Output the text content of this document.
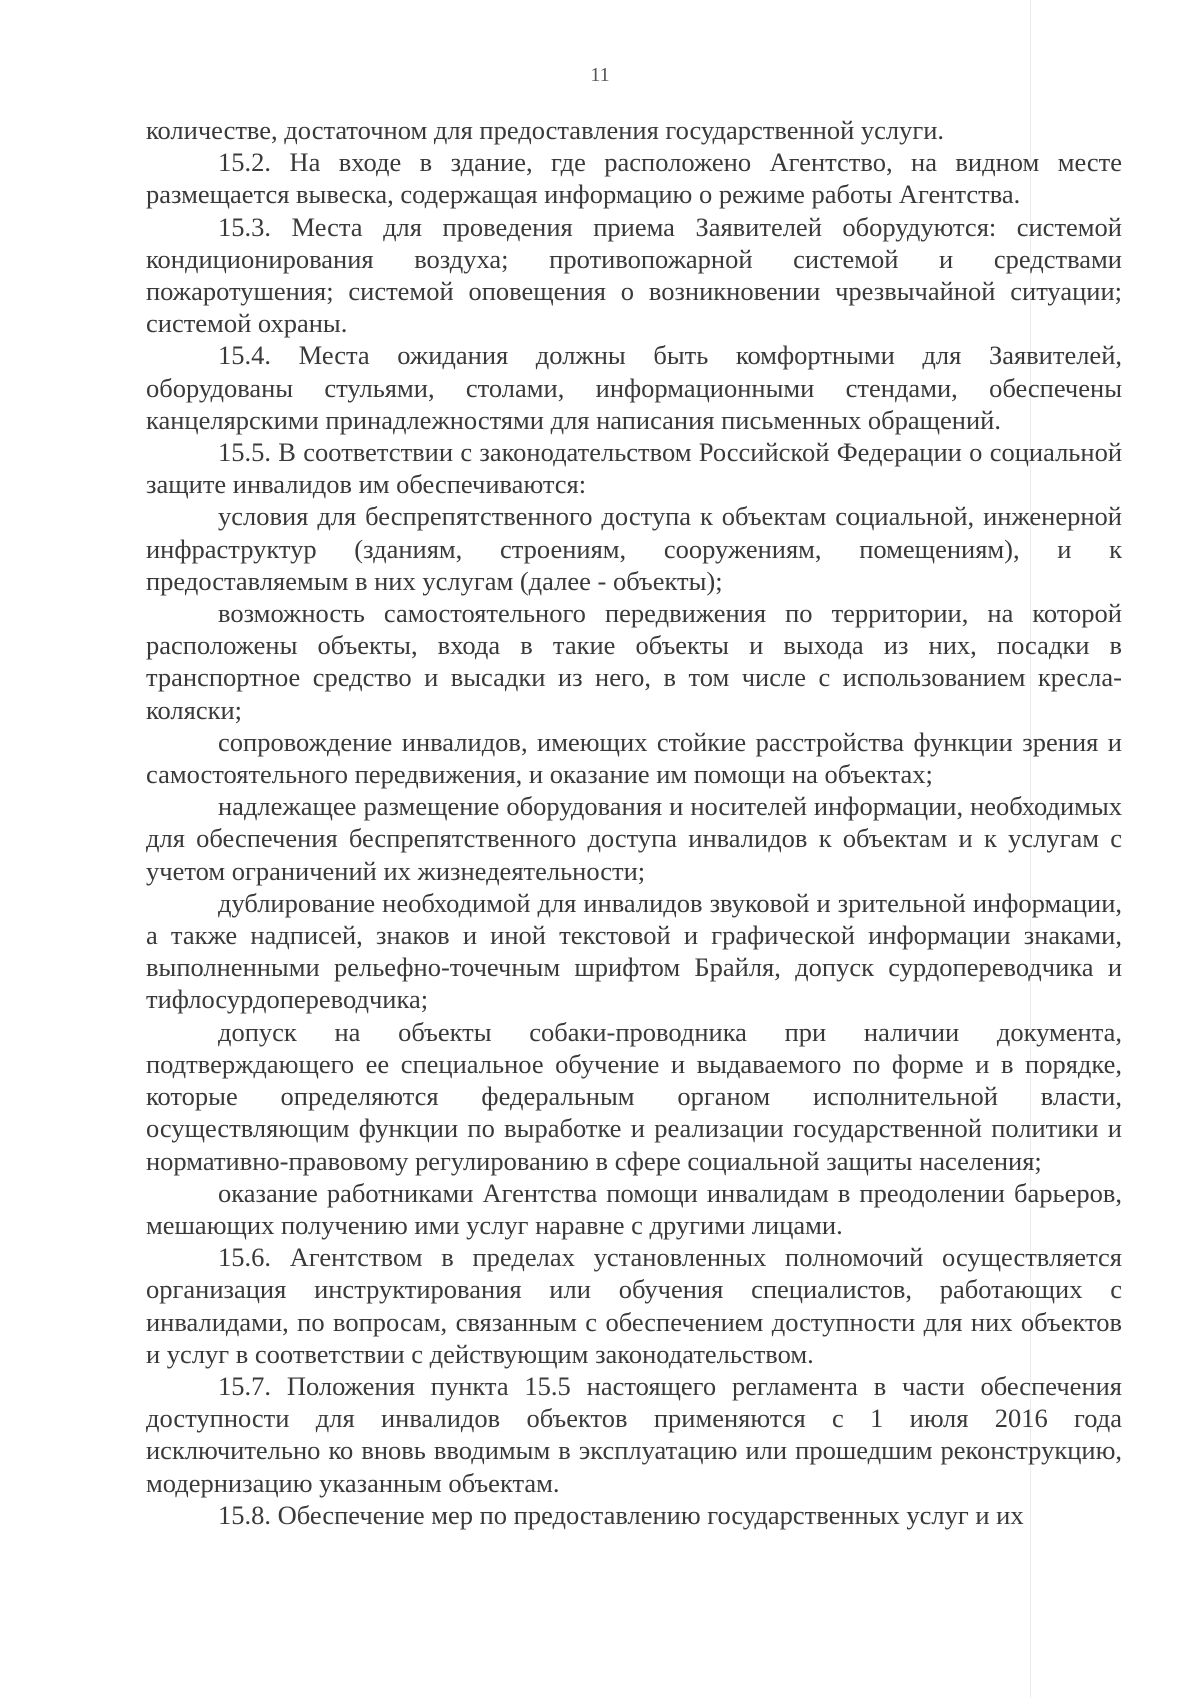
11

количестве, достаточном для предоставления государственной услуги.

15.2. На входе в здание, где расположено Агентство, на видном месте размещается вывеска, содержащая информацию о режиме работы Агентства.

15.3. Места для проведения приема Заявителей оборудуются: системой кондиционирования воздуха; противопожарной системой и средствами пожаротушения; системой оповещения о возникновении чрезвычайной ситуации; системой охраны.

15.4. Места ожидания должны быть комфортными для Заявителей, оборудованы стульями, столами, информационными стендами, обеспечены канцелярскими принадлежностями для написания письменных обращений.

15.5. В соответствии с законодательством Российской Федерации о социальной защите инвалидов им обеспечиваются:

условия для беспрепятственного доступа к объектам социальной, инженерной инфраструктур (зданиям, строениям, сооружениям, помещениям), и к предоставляемым в них услугам (далее - объекты);

возможность самостоятельного передвижения по территории, на которой расположены объекты, входа в такие объекты и выхода из них, посадки в транспортное средство и высадки из него, в том числе с использованием кресла-коляски;

сопровождение инвалидов, имеющих стойкие расстройства функции зрения и самостоятельного передвижения, и оказание им помощи на объектах;

надлежащее размещение оборудования и носителей информации, необходимых для обеспечения беспрепятственного доступа инвалидов к объектам и к услугам с учетом ограничений их жизнедеятельности;

дублирование необходимой для инвалидов звуковой и зрительной информации, а также надписей, знаков и иной текстовой и графической информации знаками, выполненными рельефно-точечным шрифтом Брайля, допуск сурдопереводчика и тифлосурдопереводчика;

допуск на объекты собаки-проводника при наличии документа, подтверждающего ее специальное обучение и выдаваемого по форме и в порядке, которые определяются федеральным органом исполнительной власти, осуществляющим функции по выработке и реализации государственной политики и нормативно-правовому регулированию в сфере социальной защиты населения;

оказание работниками Агентства помощи инвалидам в преодолении барьеров, мешающих получению ими услуг наравне с другими лицами.

15.6. Агентством в пределах установленных полномочий осуществляется организация инструктирования или обучения специалистов, работающих с инвалидами, по вопросам, связанным с обеспечением доступности для них объектов и услуг в соответствии с действующим законодательством.

15.7. Положения пункта 15.5 настоящего регламента в части обеспечения доступности для инвалидов объектов применяются с 1 июля 2016 года исключительно ко вновь вводимым в эксплуатацию или прошедшим реконструкцию, модернизацию указанным объектам.

15.8. Обеспечение мер по предоставлению государственных услуг и их
